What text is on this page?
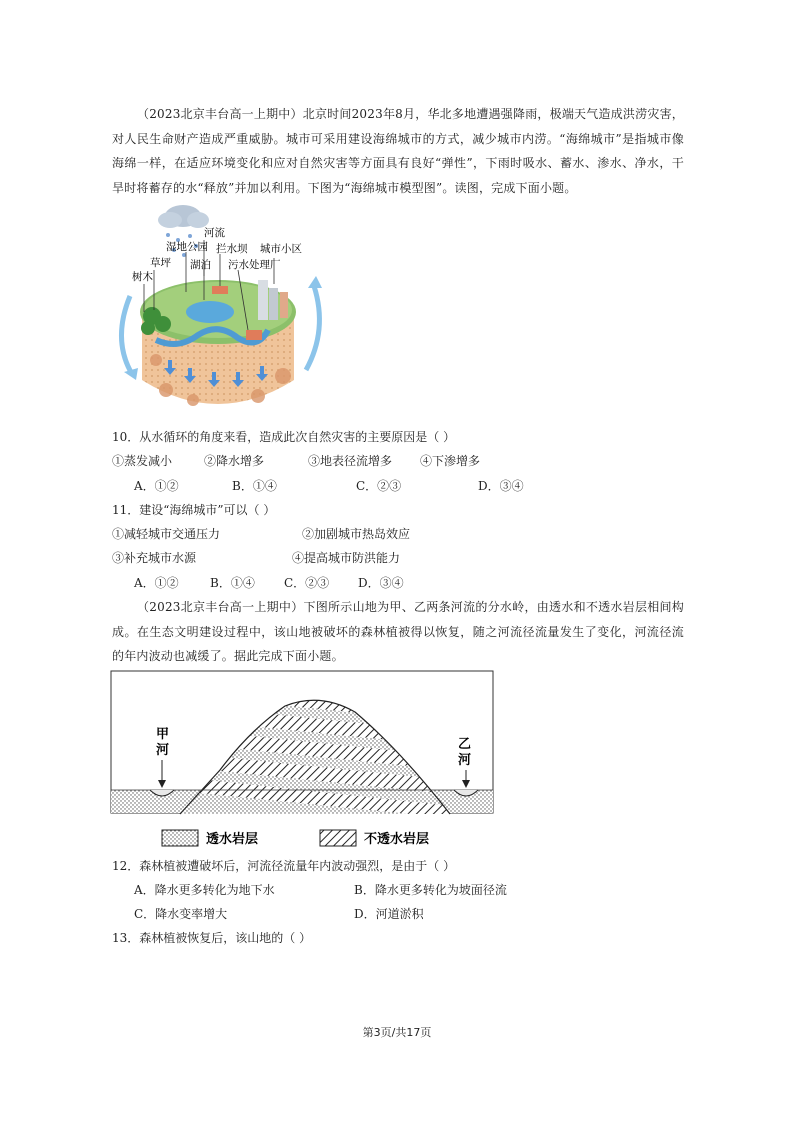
（2023北京丰台高一上期中）北京时间2023年8月，华北多地遭遇强降雨，极端天气造成洪涝灾害，对人民生命财产造成严重威胁。城市可采用建设海绵城市的方式，减少城市内涝。“海绵城市”是指城市像海绵一样，在适应环境变化和应对自然灾害等方面具有良好“弹性”，下雨时吸水、蓄水、渗水、净水，干旱时将蓄存的水“释放”并加以利用。下图为“海绵城市模型图”。读图，完成下面小题。
河流
湿地公园 拦水坝 城市小区
草坪 湖泊 污水处理厂
树木
10．从水循环的角度来看，造成此次自然灾害的主要原因是（ ）
①蒸发减小	②降水增多	③地表径流增多 ④下渗增多
A．①②	B．①④	C．②③	D．③④
11．建设“海绵城市”可以（ ）
①减轻城市交通压力	②加剧城市热岛效应
③补充城市水源	④提高城市防洪能力
A．①②	B．①④ C．②③ D．③④
（2023北京丰台高一上期中）下图所示山地为甲、乙两条河流的分水岭，由透水和不透水岩层相间构成。在生态文明建设过程中，该山地被破坏的森林植被得以恢复，随之河流径流量发生了变化，河流径流的年内波动也减缓了。据此完成下面小题。
甲
河	乙
河
透水岩层	不透水岩层
12．森林植被遭破坏后，河流径流量年内波动强烈，是由于（ ）
A．降水更多转化为地下水	B．降水更多转化为坡面径流
C．降水变率增大	D．河道淤积
13．森林植被恢复后，该山地的（ ）
第3页/共17页
